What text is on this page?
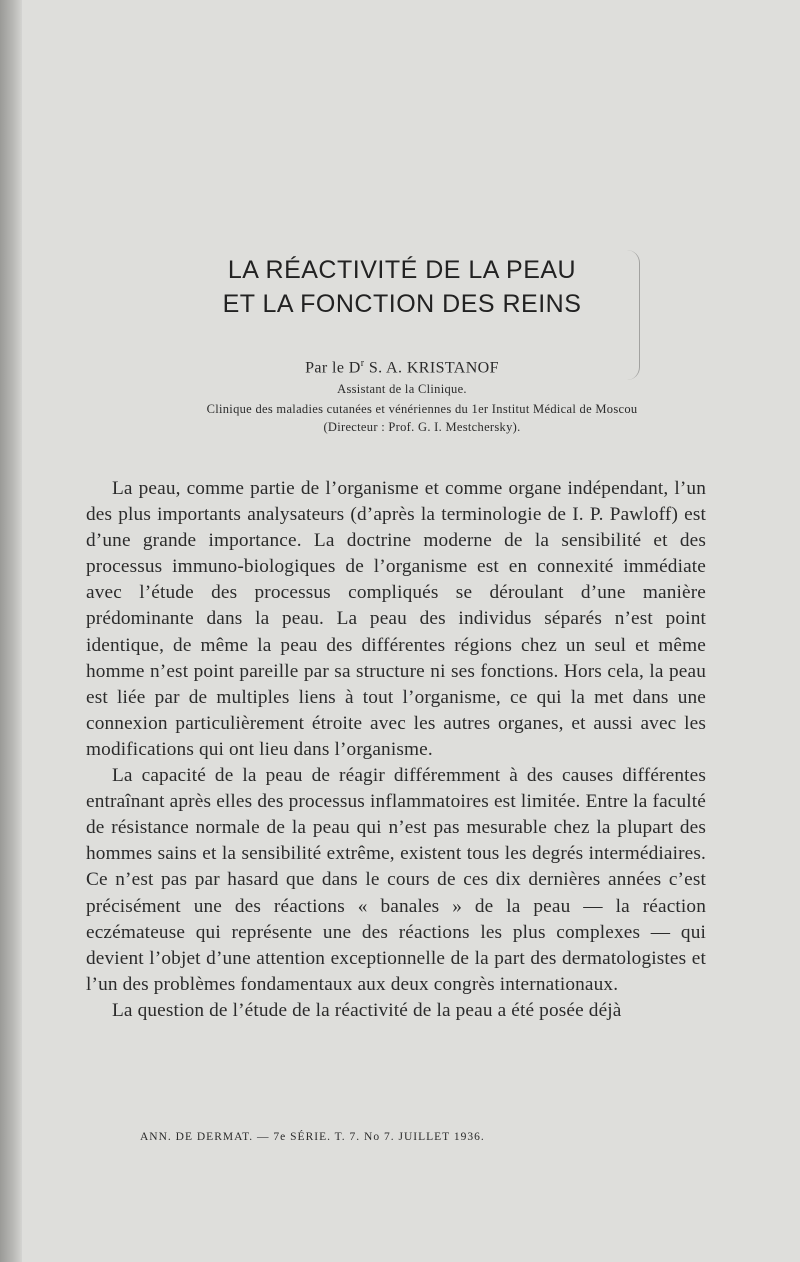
LA RÉACTIVITÉ DE LA PEAU
ET LA FONCTION DES REINS
Par le $D^r$ S. A. KRISTANOF
Assistant de la Clinique.
Clinique des maladies cutanées et vénériennes du 1er Institut Médical de Moscou
(Directeur : Prof. G. I. Mestchersky).

La peau, comme partie de l’organisme et comme organe indépendant, l’un des plus importants analysateurs (d’après la terminologie de I. P. Pawloff) est d’une grande importance. La doctrine moderne de la sensibilité et des processus immuno-biologiques de l’organisme est en connexité immédiate avec l’étude des processus compliqués se déroulant d’une manière prédominante dans la peau. La peau des individus séparés n’est point identique, de même la peau des différentes régions chez un seul et même homme n’est point pareille par sa structure ni ses fonctions. Hors cela, la peau est liée par de multiples liens à tout l’organisme, ce qui la met dans une connexion particulièrement étroite avec les autres organes, et aussi avec les modifications qui ont lieu dans l’organisme.

La capacité de la peau de réagir différemment à des causes différentes entraînant après elles des processus inflammatoires est limitée. Entre la faculté de résistance normale de la peau qui n’est pas mesurable chez la plupart des hommes sains et la sensibilité extrême, existent tous les degrés intermédiaires. Ce n’est pas par hasard que dans le cours de ces dix dernières années c’est précisément une des réactions « banales » de la peau — la réaction eczémateuse qui représente une des réactions les plus complexes — qui devient l’objet d’une attention exceptionnelle de la part des dermatologistes et l’un des problèmes fondamentaux aux deux congrès internationaux.

La question de l’étude de la réactivité de la peau a été posée déjà

ANN. DE DERMAT. — 7e SÉRIE. T. 7. No 7. JUILLET 1936.
